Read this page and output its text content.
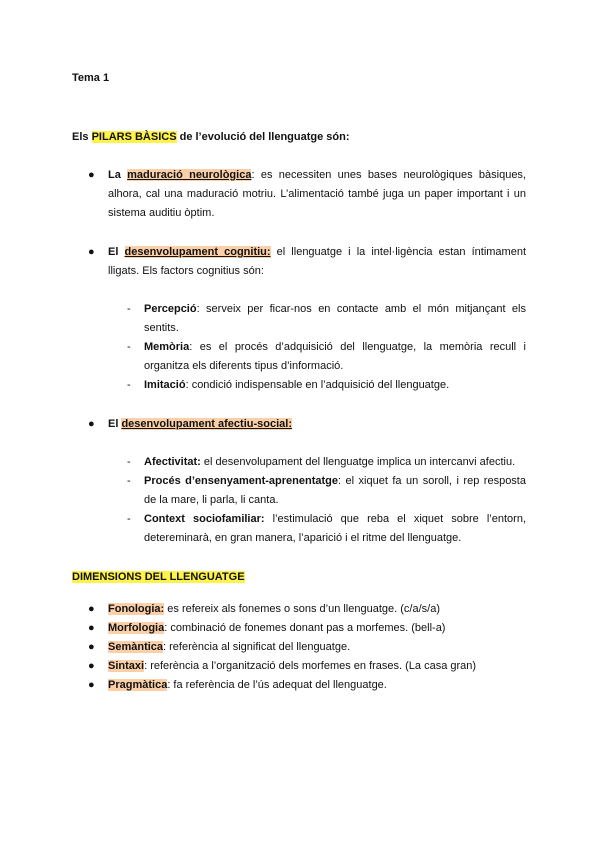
Tema 1
Els PILARS BÀSICS de l’evolució del llenguatge són:
● La maduració neurològica: es necessiten unes bases neurològiques bàsiques,
alhora, cal una maduració motriu. L’alimentació també juga un paper important i un
sistema auditiu òptim.
● El desenvolupament cognitiu: el llenguatge i la intel·ligència estan íntimament
lligats. Els factors cognitius són:
- Percepció: serveix per ficar-nos en contacte amb el món mitjançant els
sentits.
- Memòria: es el procés d’adquisició del llenguatge, la memòria recull i
organitza els diferents tipus d’informació.
- Imitació: condició indispensable en l’adquisició del llenguatge.
● El desenvolupament afectiu-social:
- Afectivitat: el desenvolupament del llenguatge implica un intercanvi afectiu.
- Procés d’ensenyament-aprenentatge: el xiquet fa un soroll, i rep resposta
de la mare, li parla, li canta.
- Context sociofamiliar: l’estimulació que reba el xiquet sobre l’entorn,
detereminarà, en gran manera, l’aparició i el ritme del llenguatge.
DIMENSIONS DEL LLENGUATGE
● Fonologia: es refereix als fonemes o sons d’un llenguatge. (c/a/s/a)
● Morfologia: combinació de fonemes donant pas a morfemes. (bell-a)
● Semàntica: referència al significat del llenguatge.
● Sintaxi: referència a l’organització dels morfemes en frases. (La casa gran)
● Pragmàtica: fa referència de l’ús adequat del llenguatge.
